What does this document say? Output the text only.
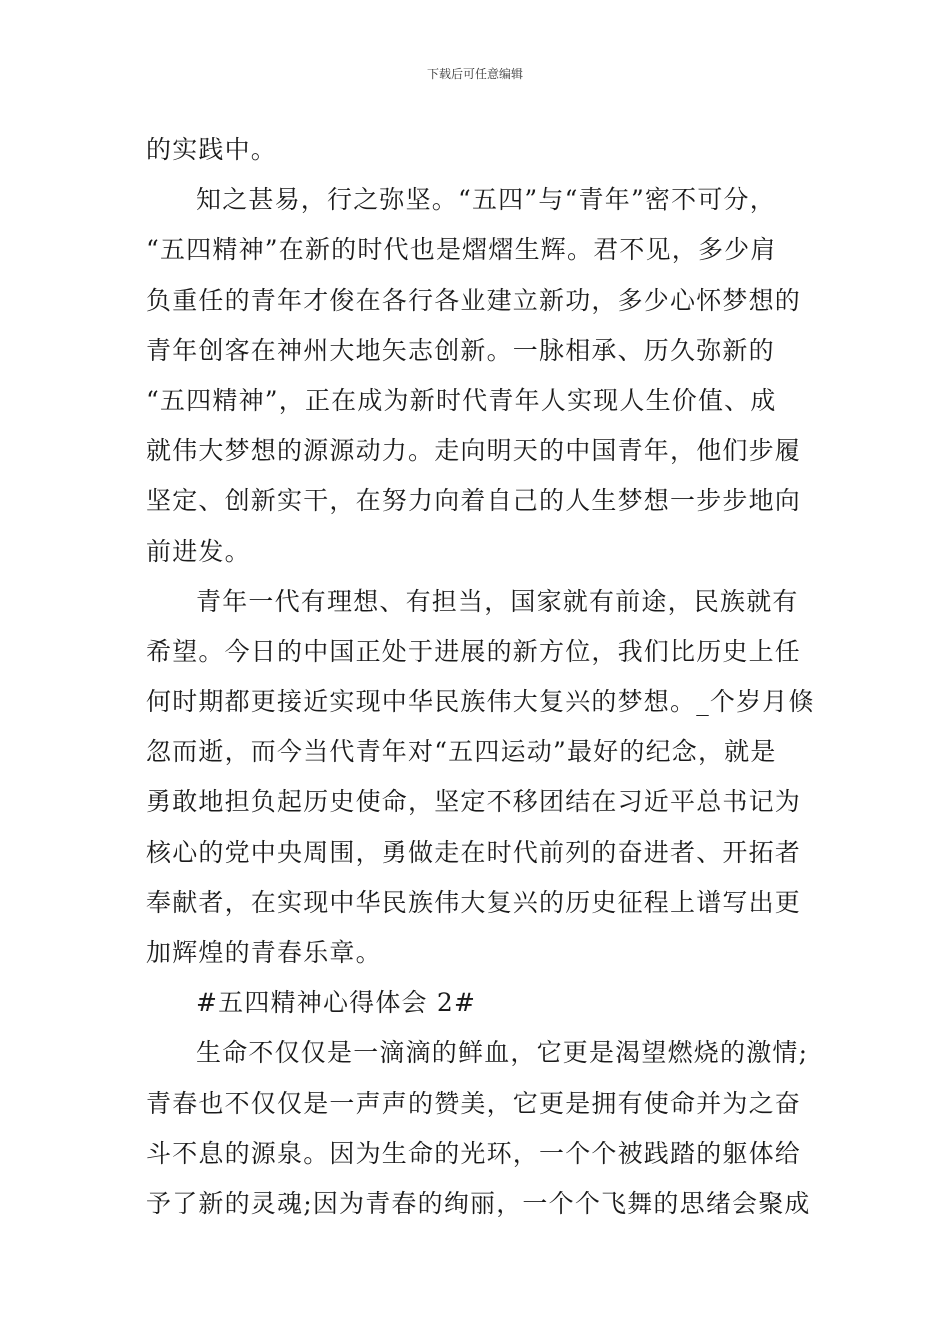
下载后可任意编辑
的实践中。
知之甚易，行之弥坚。“五四”与“青年”密不可分，
“五四精神”在新的时代也是熠熠生辉。君不见，多少肩
负重任的青年才俊在各行各业建立新功，多少心怀梦想的
青年创客在神州大地矢志创新。一脉相承、历久弥新的
“五四精神”，正在成为新时代青年人实现人生价值、成
就伟大梦想的源源动力。走向明天的中国青年，他们步履
坚定、创新实干，在努力向着自己的人生梦想一步步地向
前进发。
青年一代有理想、有担当，国家就有前途，民族就有
希望。今日的中国正处于进展的新方位，我们比历史上任
何时期都更接近实现中华民族伟大复兴的梦想。_个岁月倏
忽而逝，而今当代青年对“五四运动”最好的纪念，就是
勇敢地担负起历史使命，坚定不移团结在习近平总书记为
核心的党中央周围，勇做走在时代前列的奋进者、开拓者
奉献者，在实现中华民族伟大复兴的历史征程上谱写出更
加辉煌的青春乐章。
#五四精神心得体会 2#
生命不仅仅是一滴滴的鲜血，它更是渴望燃烧的激情;
青春也不仅仅是一声声的赞美，它更是拥有使命并为之奋
斗不息的源泉。因为生命的光环，一个个被践踏的躯体给
予了新的灵魂;因为青春的绚丽，一个个飞舞的思绪会聚成
